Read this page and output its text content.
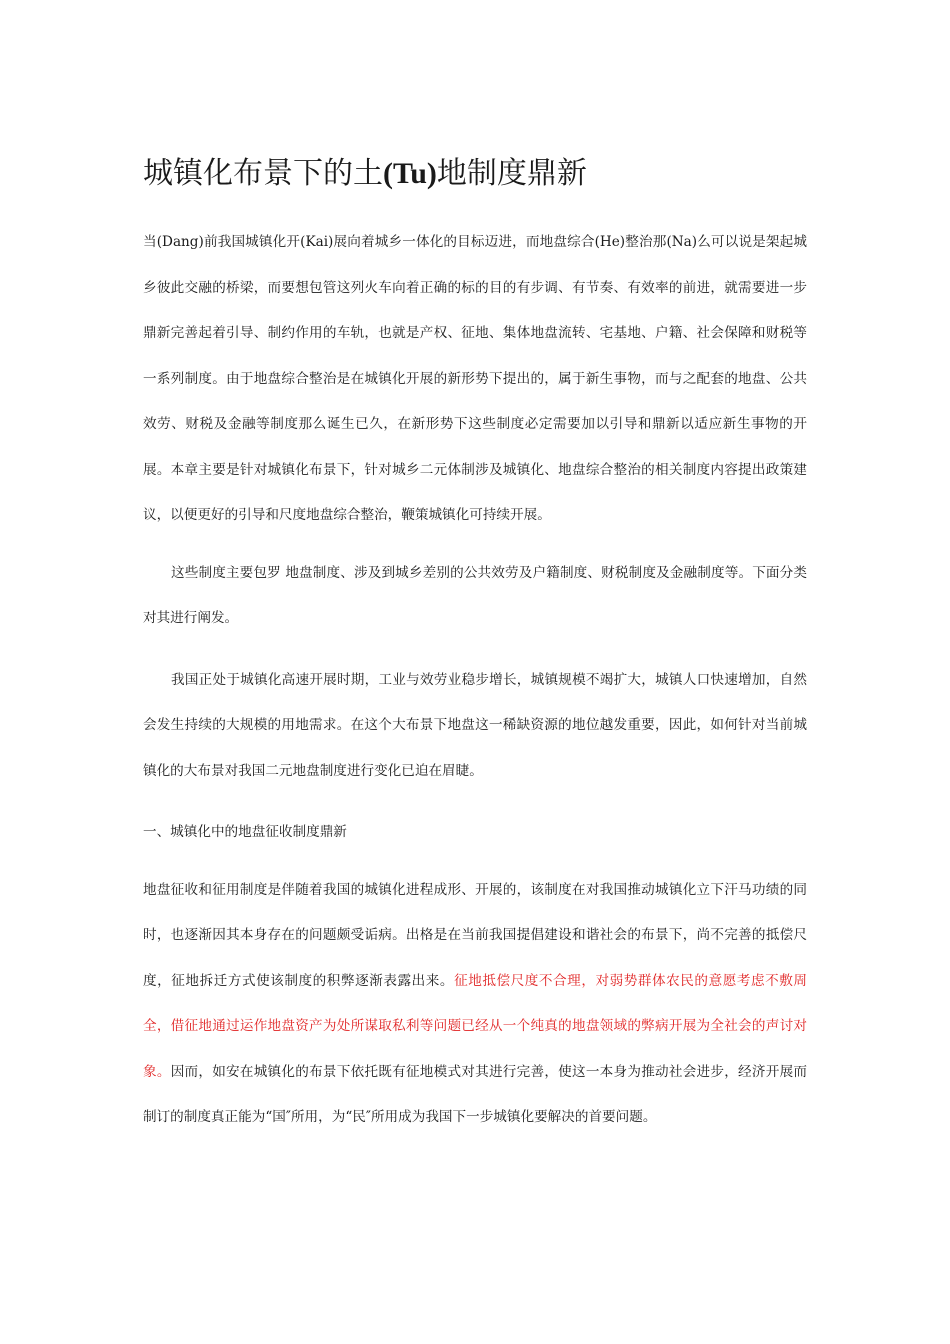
城镇化布景下的土(Tu)地制度鼎新

当(Dang)前我国城镇化开(Kai)展向着城乡一体化的目标迈进，而地盘综合(He)整治那(Na)么可以说是架起城乡彼此交融的桥梁，而要想包管这列火车向着正确的标的目的有步调、有节奏、有效率的前进，就需要进一步鼎新完善起着引导、制约作用的车轨，也就是产权、征地、集体地盘流转、宅基地、户籍、社会保障和财税等一系列制度。由于地盘综合整治是在城镇化开展的新形势下提出的，属于新生事物，而与之配套的地盘、公共效劳、财税及金融等制度那么诞生已久，在新形势下这些制度必定需要加以引导和鼎新以适应新生事物的开展。本章主要是针对城镇化布景下，针对城乡二元体制涉及城镇化、地盘综合整治的相关制度内容提出政策建议，以便更好的引导和尺度地盘综合整治，鞭策城镇化可持续开展。

这些制度主要包罗 地盘制度、涉及到城乡差别的公共效劳及户籍制度、财税制度及金融制度等。下面分类对其进行阐发。

我国正处于城镇化高速开展时期，工业与效劳业稳步增长，城镇规模不竭扩大，城镇人口快速增加，自然会发生持续的大规模的用地需求。在这个大布景下地盘这一稀缺资源的地位越发重要，因此，如何针对当前城镇化的大布景对我国二元地盘制度进行变化已迫在眉睫。

一、城镇化中的地盘征收制度鼎新

地盘征收和征用制度是伴随着我国的城镇化进程成形、开展的，该制度在对我国推动城镇化立下汗马功绩的同时，也逐渐因其本身存在的问题颇受诟病。出格是在当前我国提倡建设和谐社会的布景下，尚不完善的抵偿尺度，征地拆迁方式使该制度的积弊逐渐表露出来。征地抵偿尺度不合理，对弱势群体农民的意愿考虑不敷周全，借征地通过运作地盘资产为处所谋取私利等问题已经从一个纯真的地盘领域的弊病开展为全社会的声讨对象。因而，如安在城镇化的布景下依托既有征地模式对其进行完善，使这一本身为推动社会进步，经济开展而制订的制度真正能为“国″所用，为“民″所用成为我国下一步城镇化要解决的首要问题。
